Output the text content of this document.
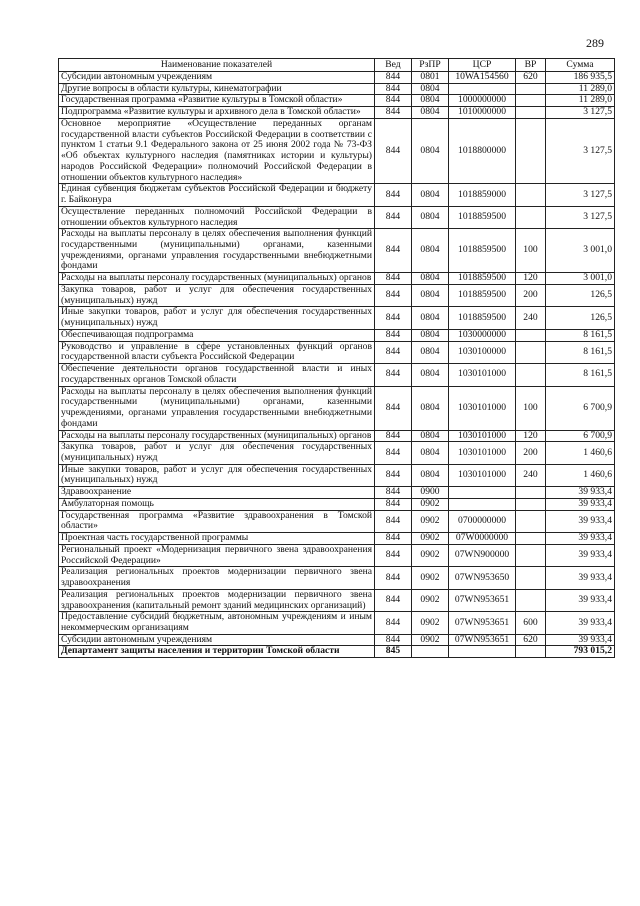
289
Наименование показателей	Вед	РзПР	ЦСР	ВР	Сумма
Субсидии автономным учреждениям	844	0801	10WA154560	620	186 935,5
Другие вопросы в области культуры, кинематографии	844	0804			11 289,0
Государственная программа «Развитие культуры в Томской области»	844	0804	1000000000		11 289,0
Подпрограмма «Развитие культуры и архивного дела в Томской области»	844	0804	1010000000		3 127,5
Основное мероприятие «Осуществление переданных органам государственной власти субъектов Российской Федерации в соответствии с пунктом 1 статьи 9.1 Федерального закона от 25 июня 2002 года № 73-ФЗ «Об объектах культурного наследия (памятниках истории и культуры) народов Российской Федерации» полномочий Российской Федерации в отношении объектов культурного наследия»	844	0804	1018800000		3 127,5
Единая субвенция бюджетам субъектов Российской Федерации и бюджету г. Байконура	844	0804	1018859000		3 127,5
Осуществление переданных полномочий Российской Федерации в отношении объектов культурного наследия	844	0804	1018859500		3 127,5
Расходы на выплаты персоналу в целях обеспечения выполнения функций государственными (муниципальными) органами, казенными учреждениями, органами управления государственными внебюджетными фондами	844	0804	1018859500	100	3 001,0
Расходы на выплаты персоналу государственных (муниципальных) органов	844	0804	1018859500	120	3 001,0
Закупка товаров, работ и услуг для обеспечения государственных (муниципальных) нужд	844	0804	1018859500	200	126,5
Иные закупки товаров, работ и услуг для обеспечения государственных (муниципальных) нужд	844	0804	1018859500	240	126,5
Обеспечивающая подпрограмма	844	0804	1030000000		8 161,5
Руководство и управление в сфере установленных функций органов государственной власти субъекта Российской Федерации	844	0804	1030100000		8 161,5
Обеспечение деятельности органов государственной власти и иных государственных органов Томской области	844	0804	1030101000		8 161,5
Расходы на выплаты персоналу в целях обеспечения выполнения функций государственными (муниципальными) органами, казенными учреждениями, органами управления государственными внебюджетными фондами	844	0804	1030101000	100	6 700,9
Расходы на выплаты персоналу государственных (муниципальных) органов	844	0804	1030101000	120	6 700,9
Закупка товаров, работ и услуг для обеспечения государственных (муниципальных) нужд	844	0804	1030101000	200	1 460,6
Иные закупки товаров, работ и услуг для обеспечения государственных (муниципальных) нужд	844	0804	1030101000	240	1 460,6
Здравоохранение	844	0900			39 933,4
Амбулаторная помощь	844	0902			39 933,4
Государственная программа «Развитие здравоохранения в Томской области»	844	0902	0700000000		39 933,4
Проектная часть государственной программы	844	0902	07W0000000		39 933,4
Региональный проект «Модернизация первичного звена здравоохранения Российской Федерации»	844	0902	07WN900000		39 933,4
Реализация региональных проектов модернизации первичного звена здравоохранения	844	0902	07WN953650		39 933,4
Реализация региональных проектов модернизации первичного звена здравоохранения (капитальный ремонт зданий медицинских организаций)	844	0902	07WN953651		39 933,4
Предоставление субсидий бюджетным, автономным учреждениям и иным некоммерческим организациям	844	0902	07WN953651	600	39 933,4
Субсидии автономным учреждениям	844	0902	07WN953651	620	39 933,4
Департамент защиты населения и территории Томской области	845				793 015,2
